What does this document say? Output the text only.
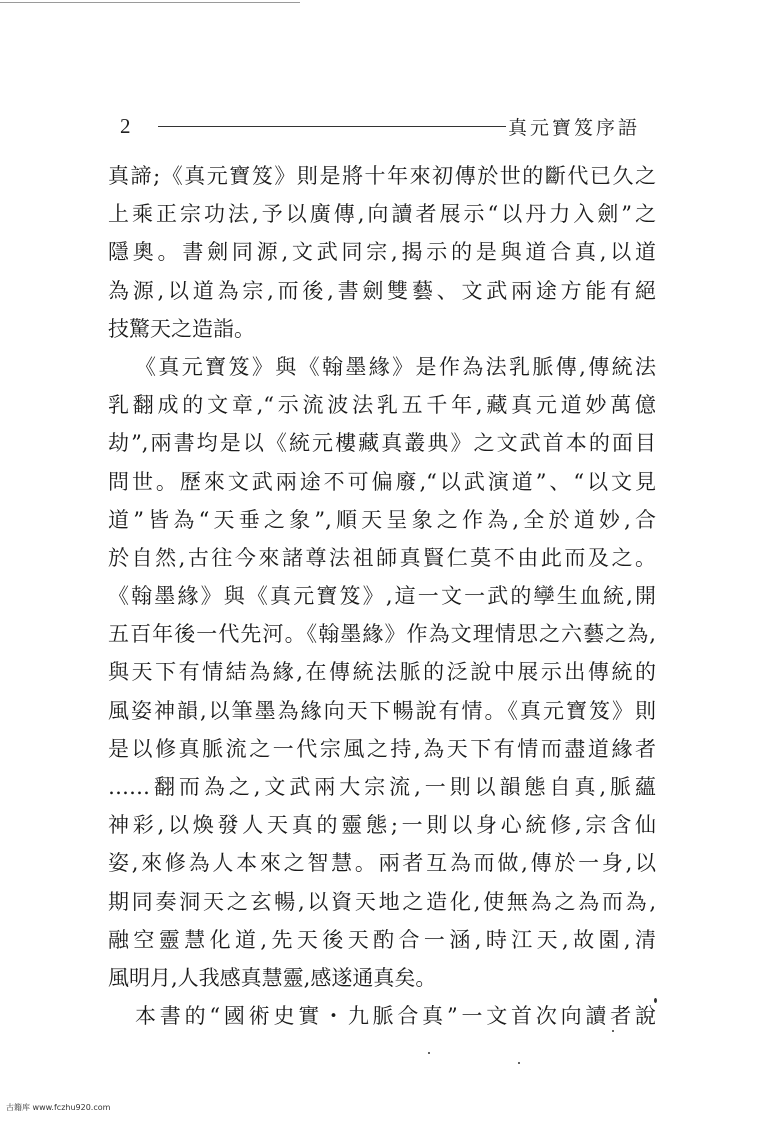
2	真元寶笈序語
真諦;《真元寶笈》則是將十年來初傳於世的斷代已久之
上乘正宗功法,予以廣傳,向讀者展示“以丹力入劍”之
隱奧。書劍同源,文武同宗,揭示的是與道合真,以道
為源,以道為宗,而後,書劍雙藝、文武兩途方能有絕
技驚天之造詣。
《真元寶笈》與《翰墨緣》是作為法乳脈傳,傳統法
乳翻成的文章,“示流波法乳五千年,藏真元道妙萬億
劫”,兩書均是以《統元樓藏真叢典》之文武首本的面目
問世。歷來文武兩途不可偏廢,“以武演道”、“以文見
道”皆為“天垂之象”,順天呈象之作為,全於道妙,合
於自然,古往今來諸尊法祖師真賢仁莫不由此而及之。
《翰墨緣》與《真元寶笈》,這一文一武的孿生血統,開
五百年後一代先河。《翰墨緣》作為文理情思之六藝之為,
與天下有情結為緣,在傳統法脈的泛說中展示出傳統的
風姿神韻,以筆墨為緣向天下暢說有情。《真元寶笈》則
是以修真脈流之一代宗風之持,為天下有情而盡道緣者
……翻而為之,文武兩大宗流,一則以韻態自真,脈蘊
神彩,以煥發人天真的靈態;一則以身心統修,宗含仙
姿,來修為人本來之智慧。兩者互為而做,傳於一身,以
期同奏洞天之玄暢,以資天地之造化,使無為之為而為,
融空靈慧化道,先天後天酌合一涵,時江天,故園,清
風明月,人我感真慧靈,感遂通真矣。
本書的“國術史實・九脈合真”一文首次向讀者說
古籍库 www.fczhu920.com
